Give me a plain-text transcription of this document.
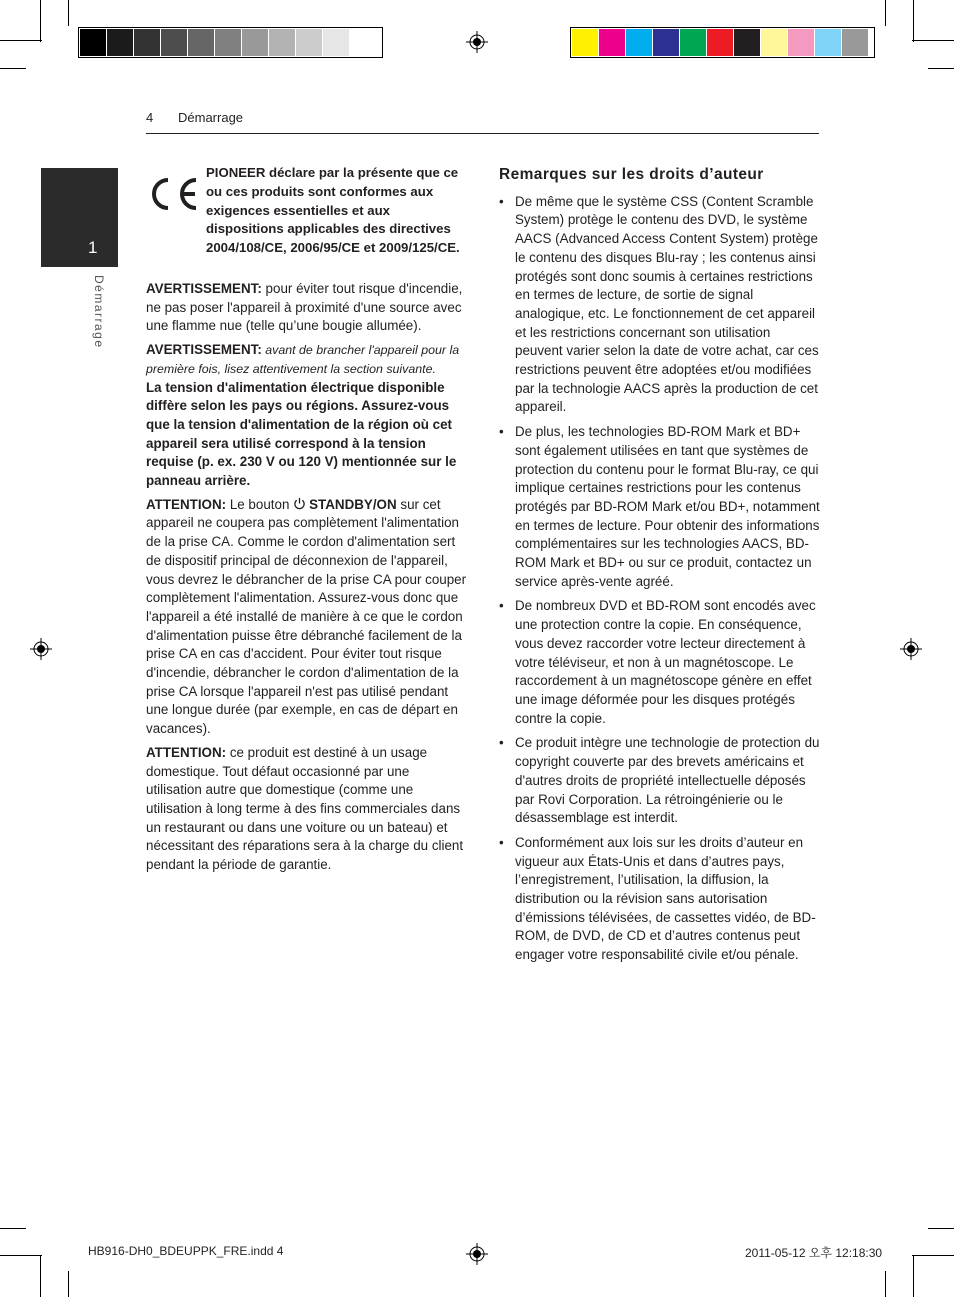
4 Démarrage
1
Démarrage
PIONEER déclare par la présente que ce ou ces produits sont conformes aux exigences essentielles et aux dispositions applicables des directives 2004/108/CE, 2006/95/CE et 2009/125/CE.

AVERTISSEMENT: pour éviter tout risque d'incendie, ne pas poser l'appareil à proximité d'une source avec une flamme nue (telle qu’une bougie allumée).

AVERTISSEMENT: avant de brancher l'appareil pour la première fois, lisez attentivement la section suivante.
La tension d'alimentation électrique disponible diffère selon les pays ou régions. Assurez-vous que la tension d'alimentation de la région où cet appareil sera utilisé correspond à la tension requise (p. ex. 230 V ou 120 V) mentionnée sur le panneau arrière.

ATTENTION: Le bouton STANDBY/ON sur cet appareil ne coupera pas complètement l'alimentation de la prise CA. Comme le cordon d'alimentation sert de dispositif principal de déconnexion de l'appareil, vous devrez le débrancher de la prise CA pour couper complètement l'alimentation. Assurez-vous donc que l'appareil a été installé de manière à ce que le cordon d'alimentation puisse être débranché facilement de la prise CA en cas d'accident. Pour éviter tout risque d'incendie, débrancher le cordon d'alimentation de la prise CA lorsque l'appareil n'est pas utilisé pendant une longue durée (par exemple, en cas de départ en vacances).

ATTENTION: ce produit est destiné à un usage domestique. Tout défaut occasionné par une utilisation autre que domestique (comme une utilisation à long terme à des fins commerciales dans un restaurant ou dans une voiture ou un bateau) et nécessitant des réparations sera à la charge du client pendant la période de garantie.

Remarques sur les droits d’auteur
• De même que le système CSS (Content Scramble System) protège le contenu des DVD, le système AACS (Advanced Access Content System) protège le contenu des disques Blu-ray ; les contenus ainsi protégés sont donc soumis à certaines restrictions en termes de lecture, de sortie de signal analogique, etc. Le fonctionnement de cet appareil et les restrictions concernant son utilisation peuvent varier selon la date de votre achat, car ces restrictions peuvent être adoptées et/ou modifiées par la technologie AACS après la production de cet appareil.
• De plus, les technologies BD-ROM Mark et BD+ sont également utilisées en tant que systèmes de protection du contenu pour le format Blu-ray, ce qui implique certaines restrictions pour les contenus protégés par BD-ROM Mark et/ou BD+, notamment en termes de lecture. Pour obtenir des informations complémentaires sur les technologies AACS, BD-ROM Mark et BD+ ou sur ce produit, contactez un service après-vente agréé.
• De nombreux DVD et BD-ROM sont encodés avec une protection contre la copie. En conséquence, vous devez raccorder votre lecteur directement à votre téléviseur, et non à un magnétoscope. Le raccordement à un magnétoscope génère en effet une image déformée pour les disques protégés contre la copie.
• Ce produit intègre une technologie de protection du copyright couverte par des brevets américains et d'autres droits de propriété intellectuelle déposés par Rovi Corporation. La rétroingénierie ou le désassemblage est interdit.
• Conformément aux lois sur les droits d’auteur en vigueur aux États-Unis et dans d’autres pays, l’enregistrement, l’utilisation, la diffusion, la distribution ou la révision sans autorisation d’émissions télévisées, de cassettes vidéo, de BD-ROM, de DVD, de CD et d’autres contenus peut engager votre responsabilité civile et/ou pénale.
HB916-DH0_BDEUPPK_FRE.indd 4	2011-05-12 오후 12:18:30
